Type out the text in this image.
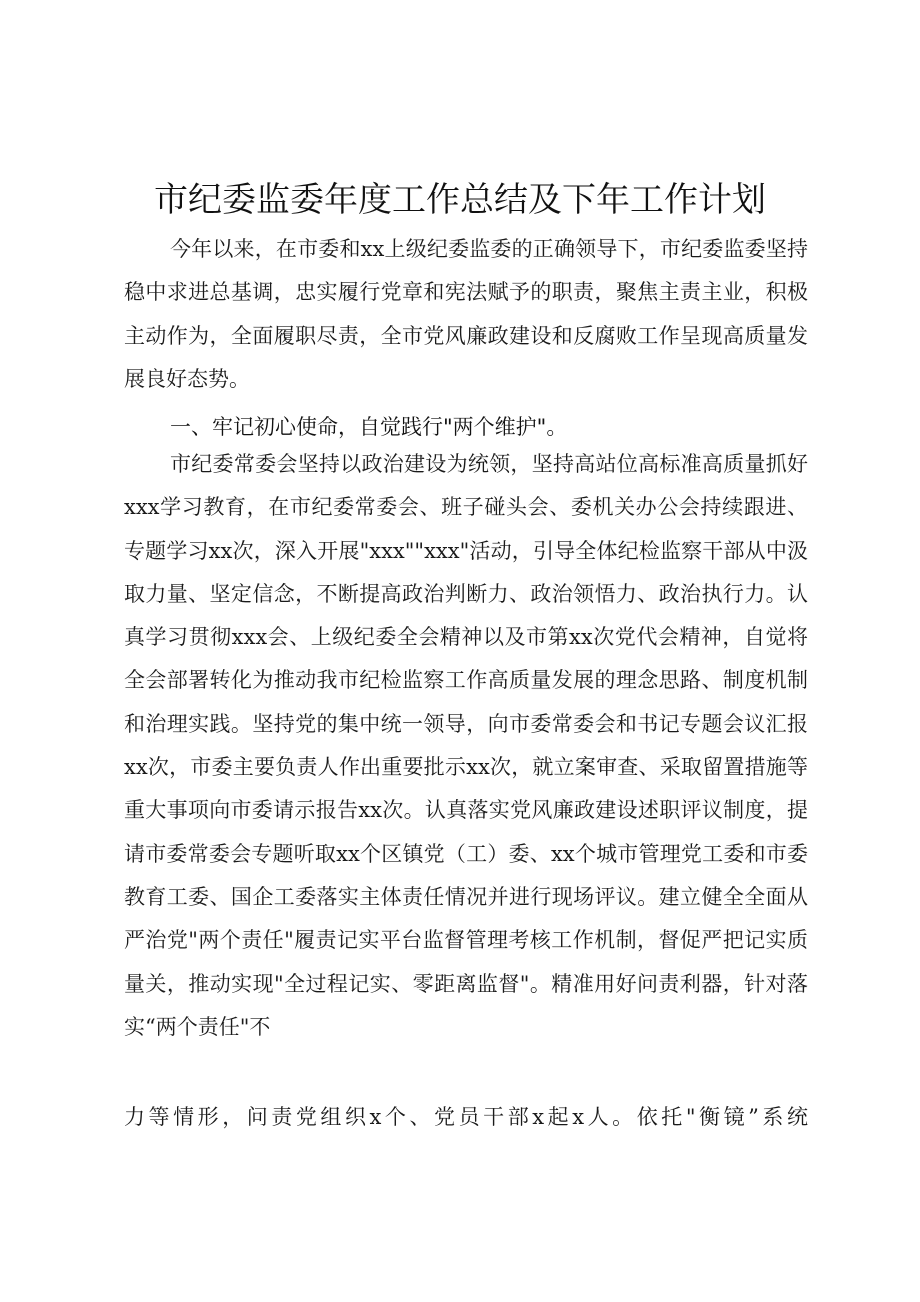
市纪委监委年度工作总结及下年工作计划

今年以来，在市委和xx上级纪委监委的正确领导下，市纪委监委坚持稳中求进总基调，忠实履行党章和宪法赋予的职责，聚焦主责主业，积极主动作为，全面履职尽责，全市党风廉政建设和反腐败工作呈现高质量发展良好态势。

一、牢记初心使命，自觉践行"两个维护"。

市纪委常委会坚持以政治建设为统领，坚持高站位高标准高质量抓好xxx学习教育，在市纪委常委会、班子碰头会、委机关办公会持续跟进、专题学习xx次，深入开展"xxx""xxx"活动，引导全体纪检监察干部从中汲取力量、坚定信念，不断提高政治判断力、政治领悟力、政治执行力。认真学习贯彻xxx会、上级纪委全会精神以及市第xx次党代会精神，自觉将全会部署转化为推动我市纪检监察工作高质量发展的理念思路、制度机制和治理实践。坚持党的集中统一领导，向市委常委会和书记专题会议汇报xx次，市委主要负责人作出重要批示xx次，就立案审查、采取留置措施等重大事项向市委请示报告xx次。认真落实党风廉政建设述职评议制度，提请市委常委会专题听取xx个区镇党（工）委、xx个城市管理党工委和市委教育工委、国企工委落实主体责任情况并进行现场评议。建立健全全面从严治党"两个责任"履责记实平台监督管理考核工作机制，督促严把记实质量关，推动实现"全过程记实、零距离监督"。精准用好问责利器，针对落实“两个责任"不

力等情形，问责党组织x个、党员干部x起x人。依托"衡镜”系统
